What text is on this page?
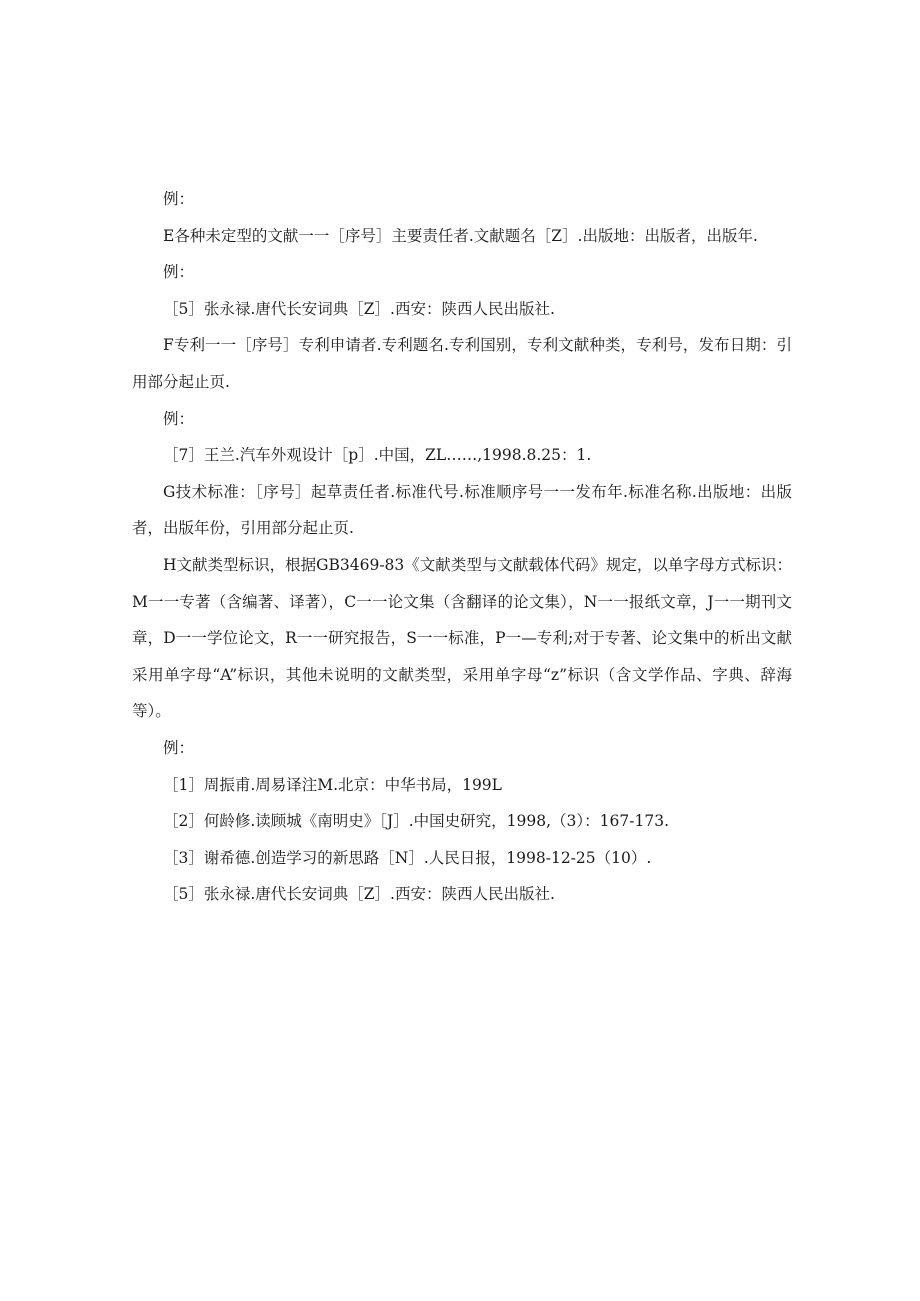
例：

E各种未定型的文献一一［序号］主要责任者.文献题名［Z］.出版地：出版者，出版年.

例：

［5］张永禄.唐代长安词典［Z］.西安：陕西人民出版社.

F专利一一［序号］专利申请者.专利题名.专利国别，专利文献种类，专利号，发布日期：引用部分起止页.

例：

［7］王兰.汽车外观设计［p］.中国，ZL……,1998.8.25：1.

G技术标准：［序号］起草责任者.标准代号.标准顺序号一一发布年.标准名称.出版地：出版者，出版年份，引用部分起止页.

H文献类型标识，根据GB3469-83《文献类型与文献载体代码》规定，以单字母方式标识：M一一专著（含编著、译著），C一一论文集（含翻译的论文集），N一一报纸文章，J一一期刊文章，D一一学位论文，R一一研究报告，S一一标准，P一—专利;对于专著、论文集中的析出文献采用单字母“A”标识，其他未说明的文献类型，采用单字母“z”标识（含文学作品、字典、辞海等）。

例：

［1］周振甫.周易译注M.北京：中华书局，199L

［2］何龄修.读顾城《南明史》［J］.中国史研究，1998,（3）：167-173.

［3］谢希德.创造学习的新思路［N］.人民日报，1998-12-25（10）.

［5］张永禄.唐代长安词典［Z］.西安：陕西人民出版社.
